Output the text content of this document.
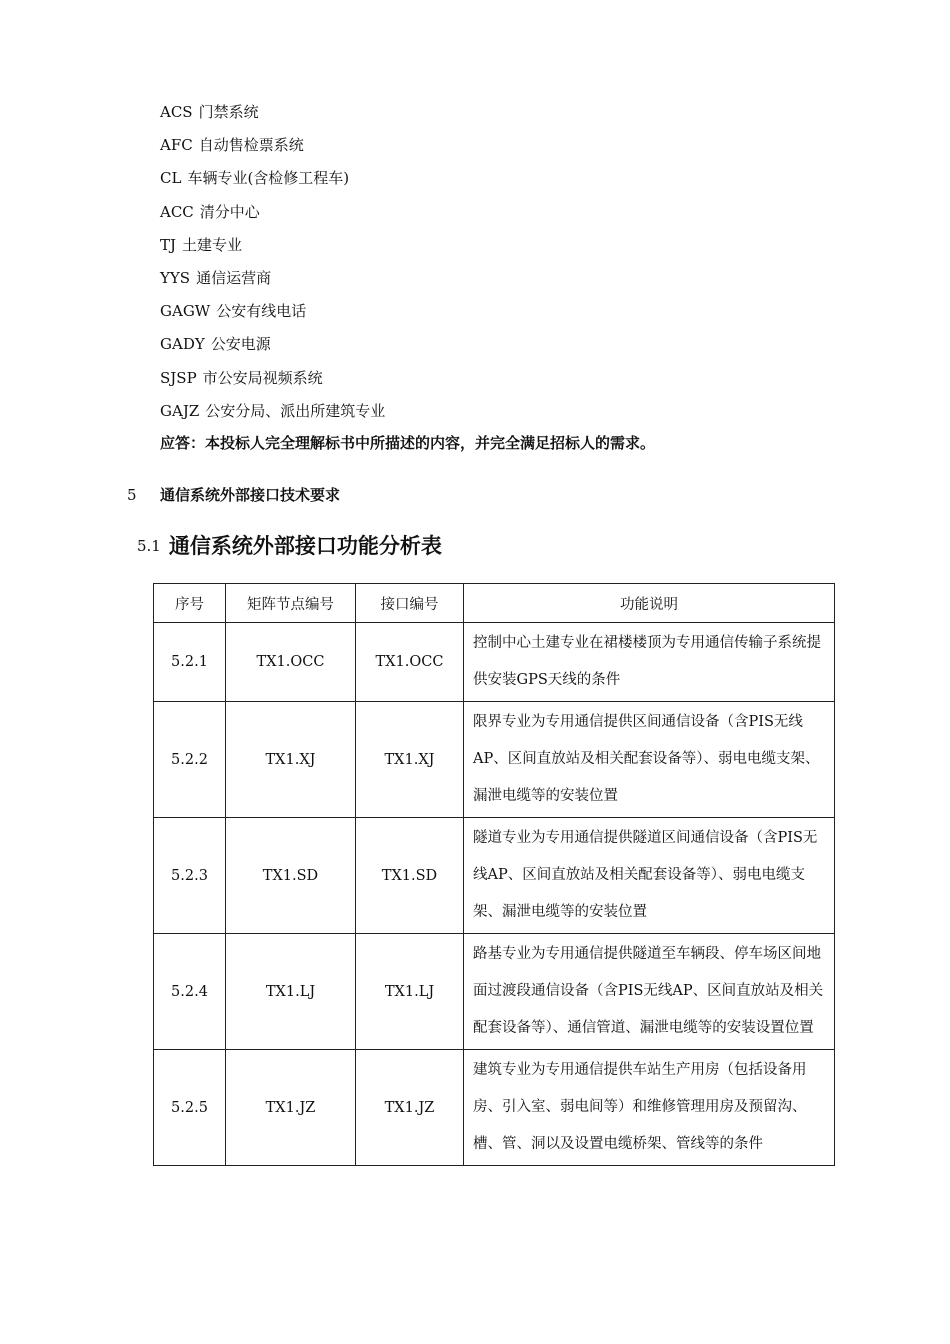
ACS 门禁系统
AFC 自动售检票系统
CL 车辆专业(含检修工程车)
ACC 清分中心
TJ 土建专业
YYS 通信运营商
GAGW 公安有线电话
GADY 公安电源
SJSP 市公安局视频系统
GAJZ 公安分局、派出所建筑专业
应答：本投标人完全理解标书中所描述的内容，并完全满足招标人的需求。
5 通信系统外部接口技术要求
5.1 通信系统外部接口功能分析表
序号	矩阵节点编号	接口编号	功能说明
5.2.1	TX1.OCC	TX1.OCC	控制中心土建专业在裙楼楼顶为专用通信传输子系统提供安装GPS天线的条件
5.2.2	TX1.XJ	TX1.XJ	限界专业为专用通信提供区间通信设备（含PIS无线AP、区间直放站及相关配套设备等）、弱电电缆支架、漏泄电缆等的安装位置
5.2.3	TX1.SD	TX1.SD	隧道专业为专用通信提供隧道区间通信设备（含PIS无线AP、区间直放站及相关配套设备等）、弱电电缆支架、漏泄电缆等的安装位置
5.2.4	TX1.LJ	TX1.LJ	路基专业为专用通信提供隧道至车辆段、停车场区间地面过渡段通信设备（含PIS无线AP、区间直放站及相关配套设备等）、通信管道、漏泄电缆等的安装设置位置
5.2.5	TX1.JZ	TX1.JZ	建筑专业为专用通信提供车站生产用房（包括设备用房、引入室、弱电间等）和维修管理用房及预留沟、槽、管、洞以及设置电缆桥架、管线等的条件
